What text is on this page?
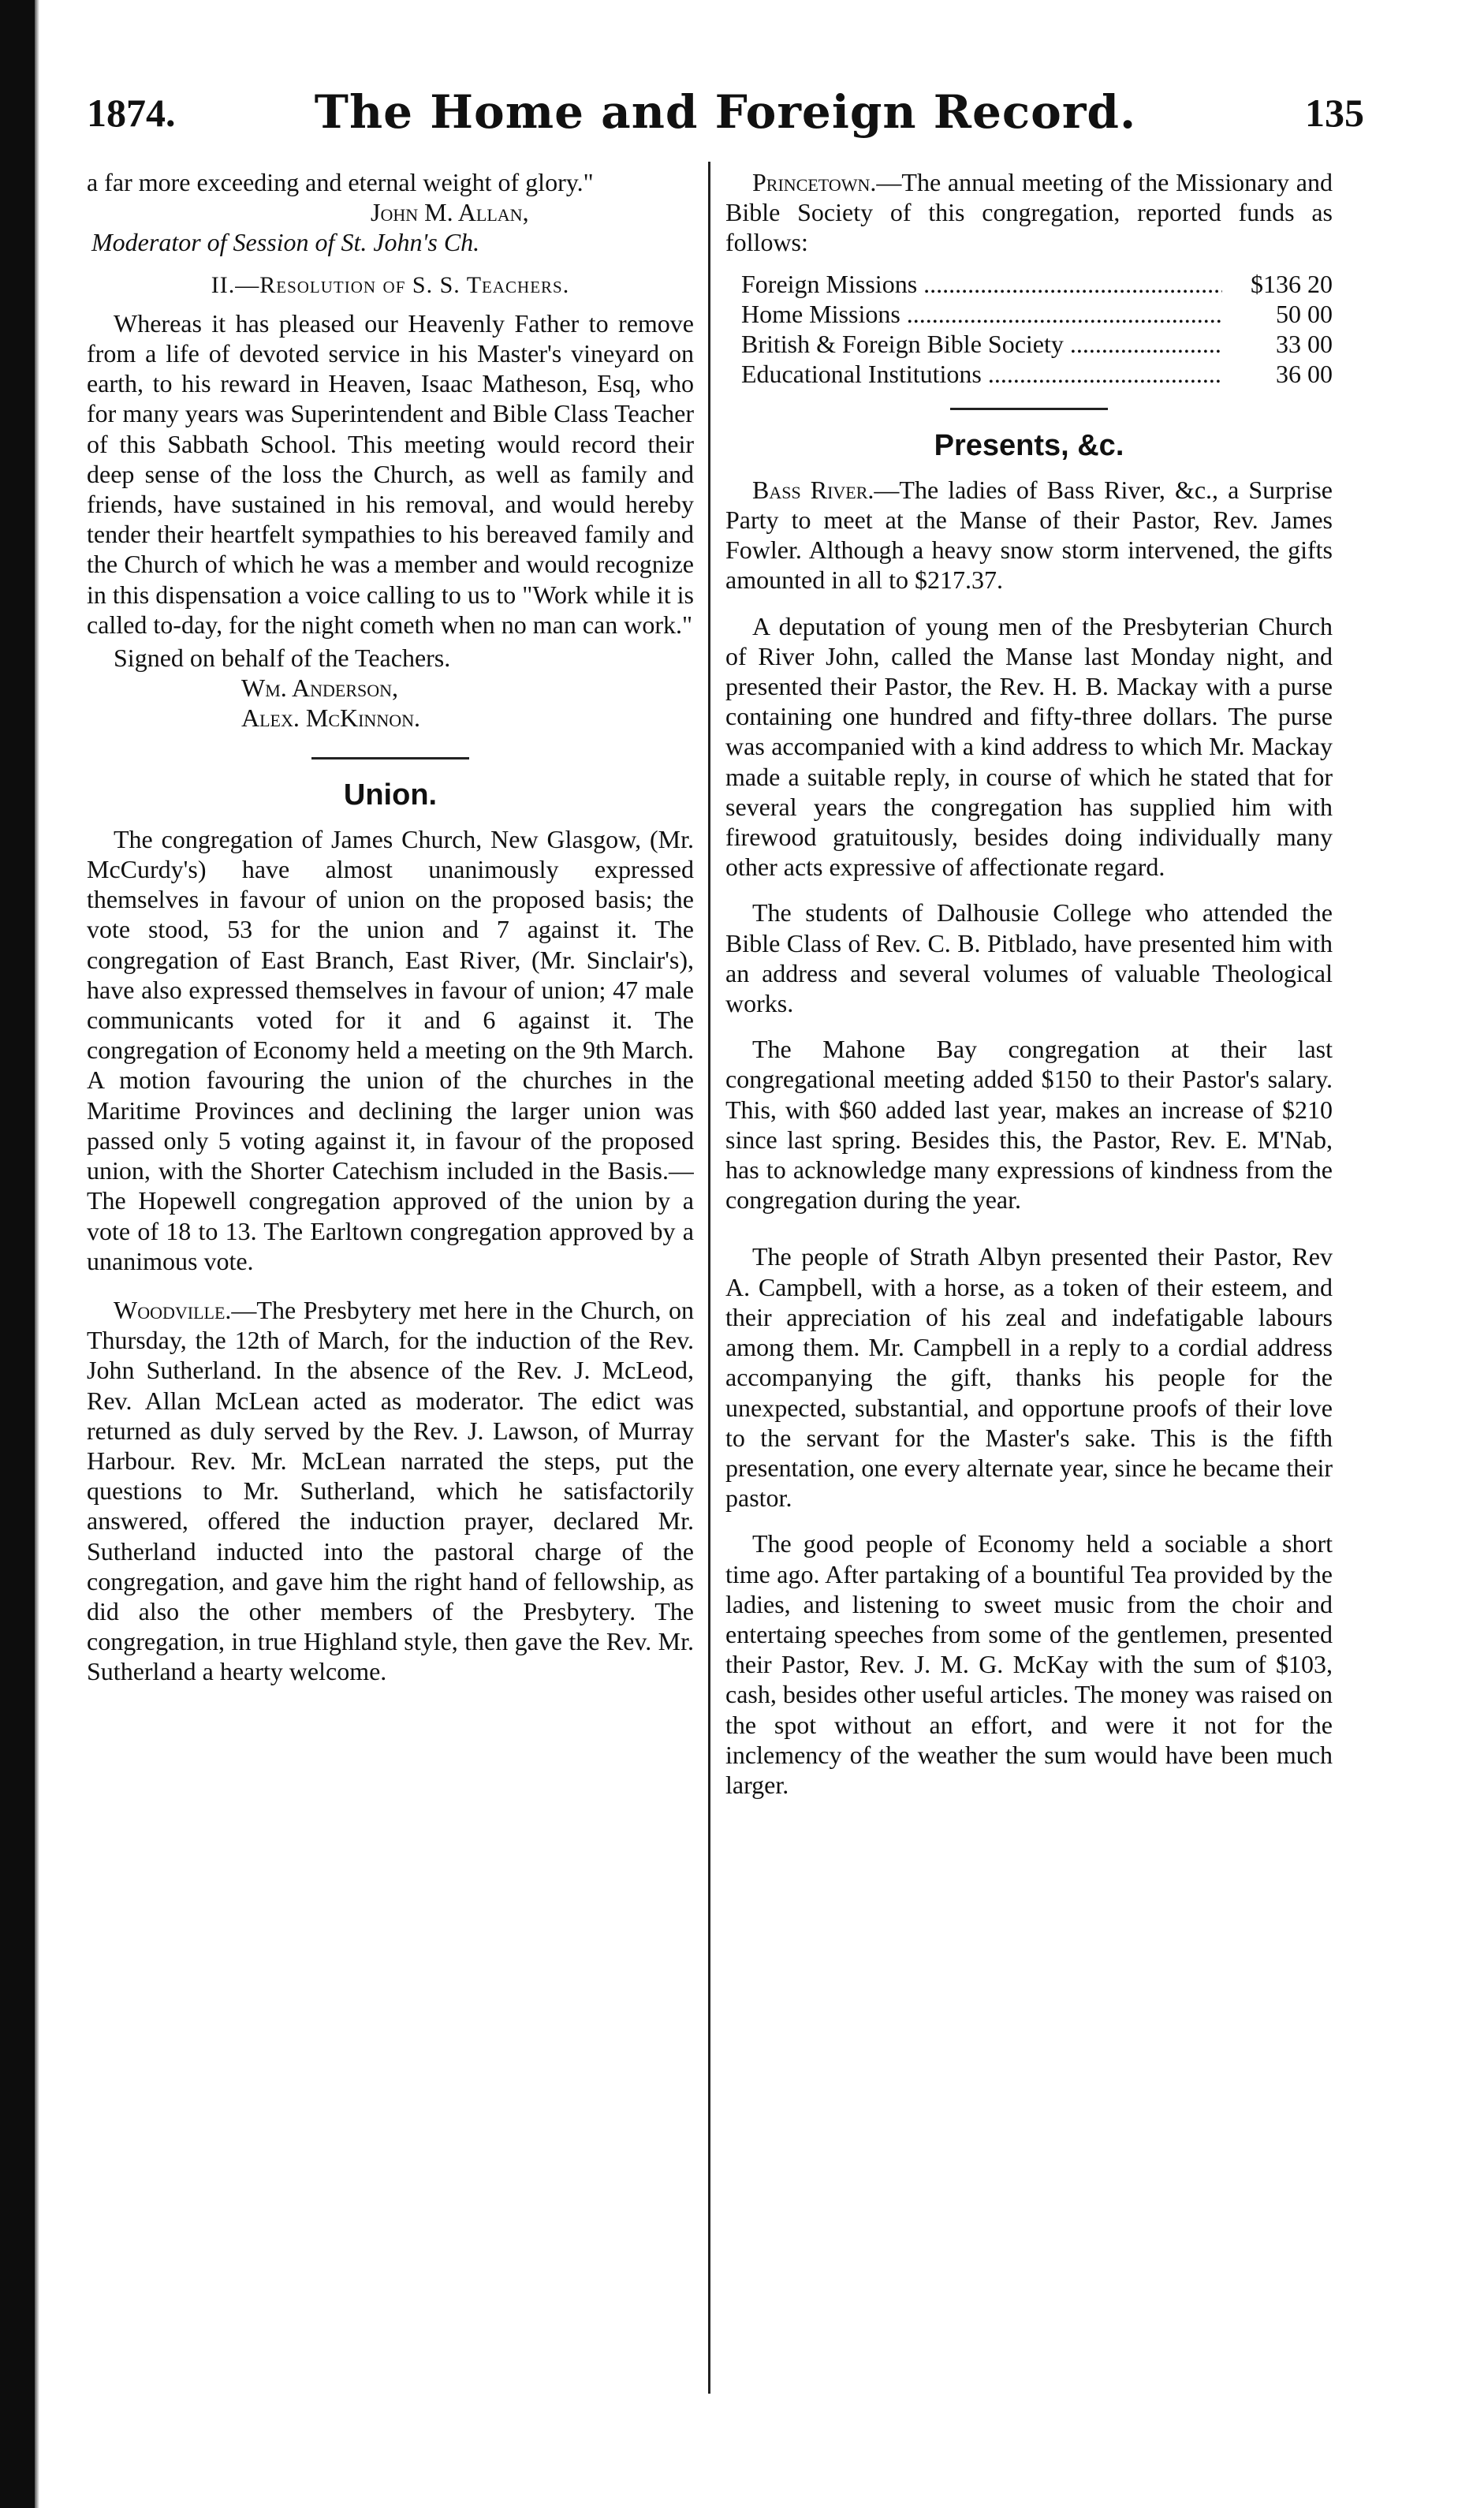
1874.	The Home and Foreign Record.	135

a far more exceeding and eternal weight of glory."

John M. Allan,

Moderator of Session of St. John's Ch.

II.—Resolution of S. S. Teachers.

Whereas it has pleased our Heavenly Father to remove from a life of devoted service in his Master's vineyard on earth, to his reward in Heaven, Isaac Matheson, Esq, who for many years was Superintendent and Bible Class Teacher of this Sabbath School. This meeting would record their deep sense of the loss the Church, as well as family and friends, have sustained in his removal, and would hereby tender their heartfelt sympathies to his bereaved family and the Church of which he was a member and would recognize in this dispensation a voice calling to us to "Work while it is called to-day, for the night cometh when no man can work."

Signed on behalf of the Teachers.

Wm. Anderson,

Alex. McKinnon.

Union.

The congregation of James Church, New Glasgow, (Mr. McCurdy's) have almost unanimously expressed themselves in favour of union on the proposed basis; the vote stood, 53 for the union and 7 against it. The congregation of East Branch, East River, (Mr. Sinclair's), have also expressed themselves in favour of union; 47 male communicants voted for it and 6 against it. The congregation of Economy held a meeting on the 9th March. A motion favouring the union of the churches in the Maritime Provinces and declining the larger union was passed only 5 voting against it, in favour of the proposed union, with the Shorter Catechism included in the Basis.—The Hopewell congregation approved of the union by a vote of 18 to 13. The Earltown congregation approved by a unanimous vote.

Woodville.—The Presbytery met here in the Church, on Thursday, the 12th of March, for the induction of the Rev. John Sutherland. In the absence of the Rev. J. McLeod, Rev. Allan McLean acted as moderator. The edict was returned as duly served by the Rev. J. Lawson, of Murray Harbour. Rev. Mr. McLean narrated the steps, put the questions to Mr. Sutherland, which he satisfactorily answered, offered the induction prayer, declared Mr. Sutherland inducted into the pastoral charge of the congregation, and gave him the right hand of fellowship, as did also the other members of the Presbytery. The congregation, in true Highland style, then gave the Rev. Mr. Sutherland a hearty welcome.

Princetown.—The annual meeting of the Missionary and Bible Society of this congregation, reported funds as follows:

Foreign Missions .....	$136 20
Home Missions .....	50 00
British & Foreign Bible Society .....	33 00
Educational Institutions .....	36 00
Presents, &c.

Bass River.—The ladies of Bass River, &c., a Surprise Party to meet at the Manse of their Pastor, Rev. James Fowler. Although a heavy snow storm intervened, the gifts amounted in all to $217.37.

A deputation of young men of the Presbyterian Church of River John, called the Manse last Monday night, and presented their Pastor, the Rev. H. B. Mackay with a purse containing one hundred and fifty-three dollars. The purse was accompanied with a kind address to which Mr. Mackay made a suitable reply, in course of which he stated that for several years the congregation has supplied him with firewood gratuitously, besides doing individually many other acts expressive of affectionate regard.

The students of Dalhousie College who attended the Bible Class of Rev. C. B. Pitblado, have presented him with an address and several volumes of valuable Theological works.

The Mahone Bay congregation at their last congregational meeting added $150 to their Pastor's salary. This, with $60 added last year, makes an increase of $210 since last spring. Besides this, the Pastor, Rev. E. M'Nab, has to acknowledge many expressions of kindness from the congregation during the year.

The people of Strath Albyn presented their Pastor, Rev A. Campbell, with a horse, as a token of their esteem, and their appreciation of his zeal and indefatigable labours among them. Mr. Campbell in a reply to a cordial address accompanying the gift, thanks his people for the unexpected, substantial, and opportune proofs of their love to the servant for the Master's sake. This is the fifth presentation, one every alternate year, since he became their pastor.

The good people of Economy held a sociable a short time ago. After partaking of a bountiful Tea provided by the ladies, and listening to sweet music from the choir and entertaing speeches from some of the gentlemen, presented their Pastor, Rev. J. M. G. McKay with the sum of $103, cash, besides other useful articles. The money was raised on the spot without an effort, and were it not for the inclemency of the weather the sum would have been much larger.
